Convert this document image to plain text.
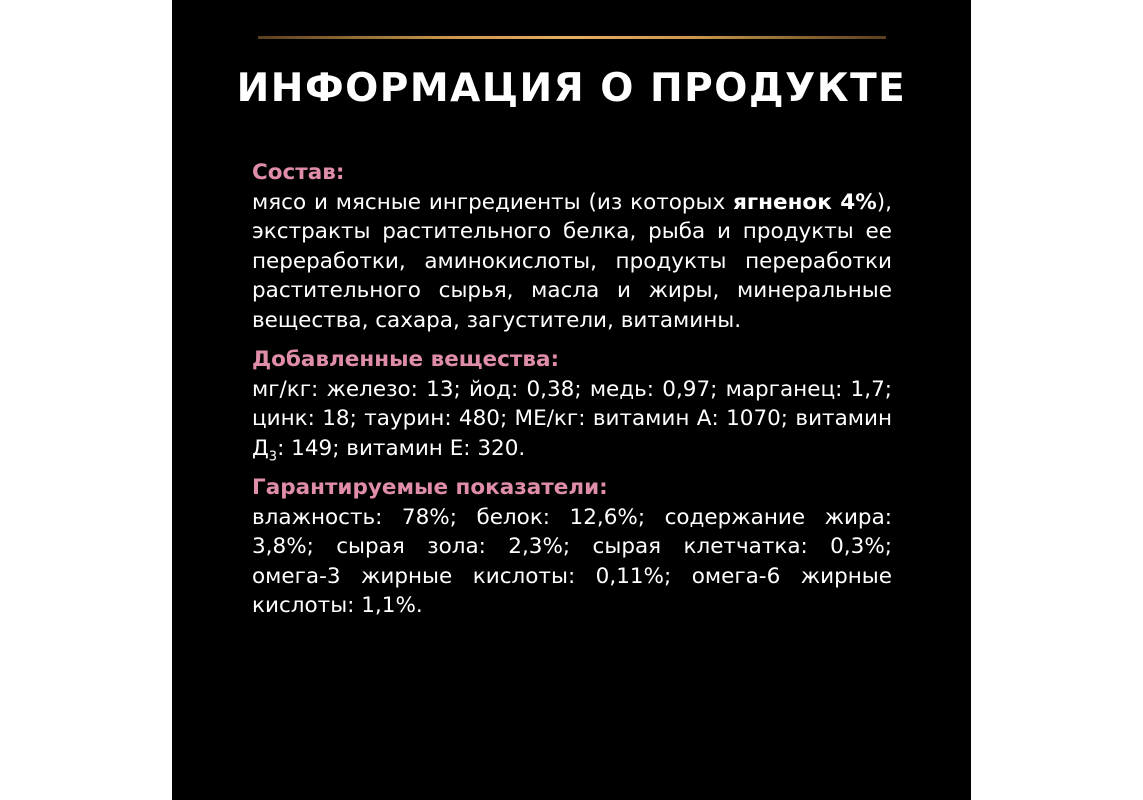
ИНФОРМАЦИЯ О ПРОДУКТЕ
Состав:
мясо и мясные ингредиенты (из которых ягненок 4%), экстракты растительного белка, рыба и продукты ее переработки, аминокислоты, продукты переработки растительного сырья, масла и жиры, минеральные вещества, сахара, загустители, витамины.
Добавленные вещества:
мг/кг: железо: 13; йод: 0,38; медь: 0,97; марганец: 1,7; цинк: 18; таурин: 480; МЕ/кг: витамин А: 1070; витамин $Д_3$: 149; витамин Е: 320.
Гарантируемые показатели:
влажность: 78%; белок: 12,6%; содержание жира: 3,8%; сырая зола: 2,3%; сырая клетчатка: 0,3%; омега-3 жирные кислоты: 0,11%; омега-6 жирные кислоты: 1,1%.
